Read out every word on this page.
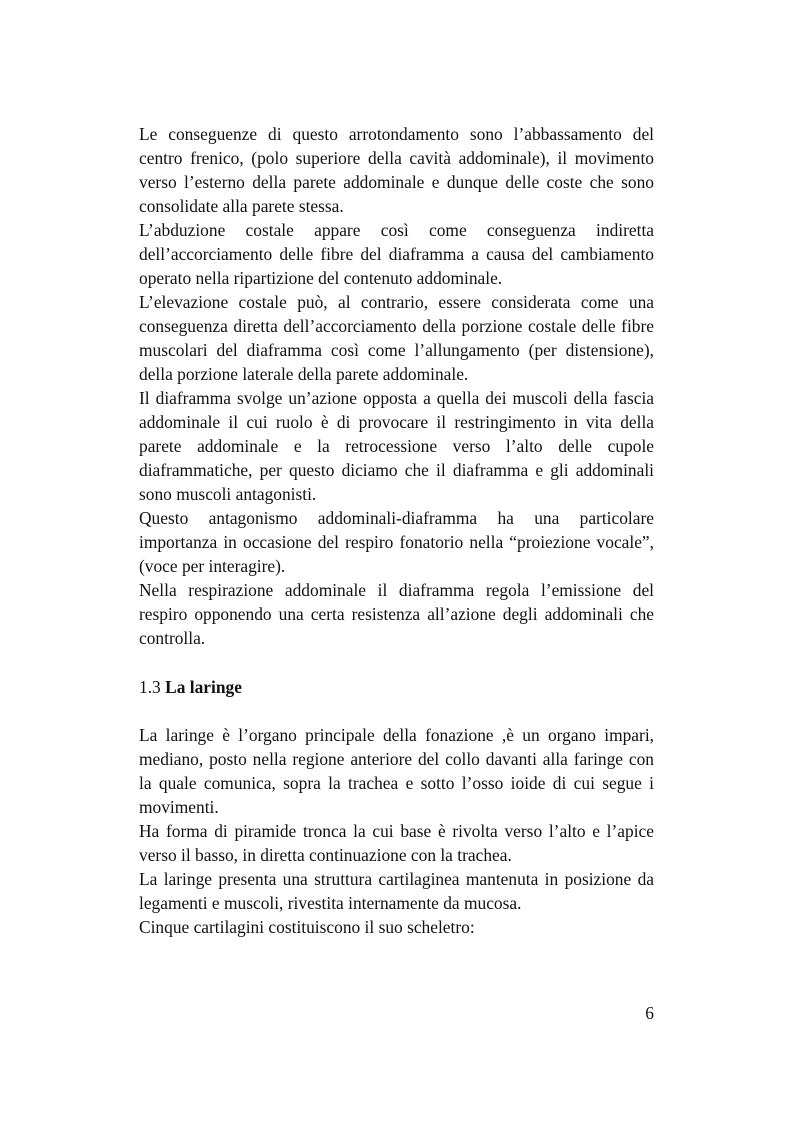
Le conseguenze di questo arrotondamento sono l’abbassamento del centro frenico, (polo superiore della cavità addominale), il movimento verso l’esterno della parete addominale e dunque delle coste che sono consolidate alla parete stessa.

L’abduzione costale appare così come conseguenza indiretta dell’accorciamento delle fibre del diaframma a causa del cambiamento operato nella ripartizione del contenuto addominale.

L’elevazione costale può, al contrario, essere considerata come una conseguenza diretta dell’accorciamento della porzione costale delle fibre muscolari del diaframma così come l’allungamento (per distensione), della porzione laterale della parete addominale.

Il diaframma svolge un’azione opposta a quella dei muscoli della fascia addominale il cui ruolo è di provocare il restringimento in vita della parete addominale e la retrocessione verso l’alto delle cupole diaframmatiche, per questo diciamo che il diaframma e gli addominali sono muscoli antagonisti.

Questo antagonismo addominali-diaframma ha una particolare importanza in occasione del respiro fonatorio nella “proiezione vocale”, (voce per interagire).

Nella respirazione addominale il diaframma regola l’emissione del respiro opponendo una certa resistenza all’azione degli addominali che controlla.

1.3 La laringe

La laringe è l’organo principale della fonazione ,è un organo impari, mediano, posto nella regione anteriore del collo davanti alla faringe con la quale comunica, sopra la trachea e sotto l’osso ioide di cui segue i movimenti.

Ha forma di piramide tronca la cui base è rivolta verso l’alto e l’apice verso il basso, in diretta continuazione con la trachea.

La laringe presenta una struttura cartilaginea mantenuta in posizione da legamenti e muscoli, rivestita internamente da mucosa.

Cinque cartilagini costituiscono il suo scheletro:

6
